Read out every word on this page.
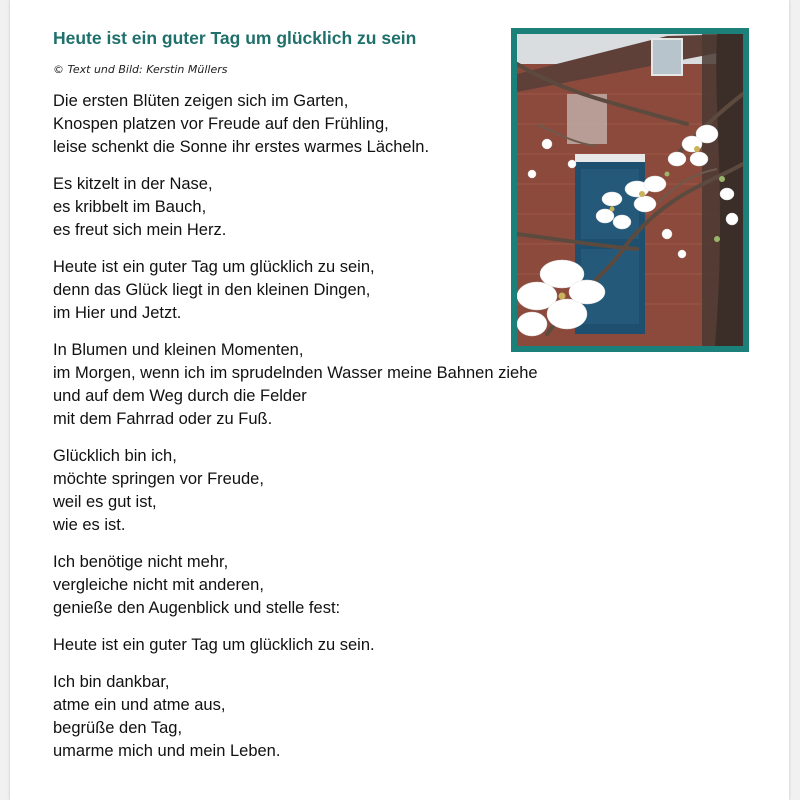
Heute ist ein guter Tag um glücklich zu sein
© Text und Bild: Kerstin Müllers

Die ersten Blüten zeigen sich im Garten,
Knospen platzen vor Freude auf den Frühling,
leise schenkt die Sonne ihr erstes warmes Lächeln.

Es kitzelt in der Nase,
es kribbelt im Bauch,
es freut sich mein Herz.

Heute ist ein guter Tag um glücklich zu sein,
denn das Glück liegt in den kleinen Dingen,
im Hier und Jetzt.

In Blumen und kleinen Momenten,
im Morgen, wenn ich im sprudelnden Wasser meine Bahnen ziehe
und auf dem Weg durch die Felder
mit dem Fahrrad oder zu Fuß.

Glücklich bin ich,
möchte springen vor Freude,
weil es gut ist,
wie es ist.

Ich benötige nicht mehr,
vergleiche nicht mit anderen,
genieße den Augenblick und stelle fest:

Heute ist ein guter Tag um glücklich zu sein.

Ich bin dankbar,
atme ein und atme aus,
begrüße den Tag,
umarme mich und mein Leben.
